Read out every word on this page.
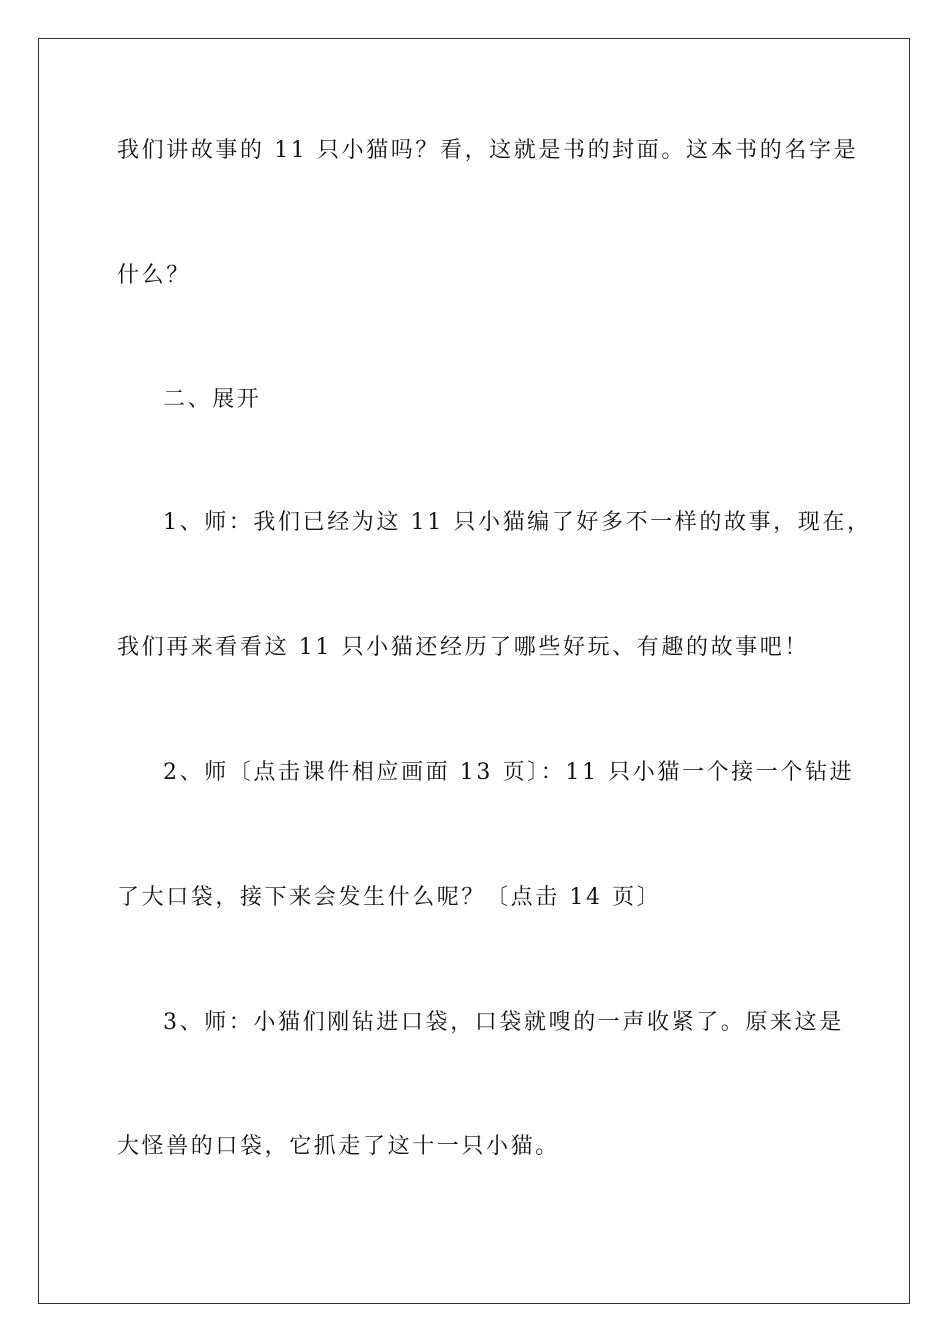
我们讲故事的 11 只小猫吗？看，这就是书的封面。这本书的名字是
什么？
二、展开
1、师：我们已经为这 11 只小猫编了好多不一样的故事，现在，
我们再来看看这 11 只小猫还经历了哪些好玩、有趣的故事吧！
2、师〔点击课件相应画面 13 页〕：11 只小猫一个接一个钻进
了大口袋，接下来会发生什么呢？〔点击 14 页〕
3、师：小猫们刚钻进口袋，口袋就嗖的一声收紧了。原来这是
大怪兽的口袋，它抓走了这十一只小猫。
